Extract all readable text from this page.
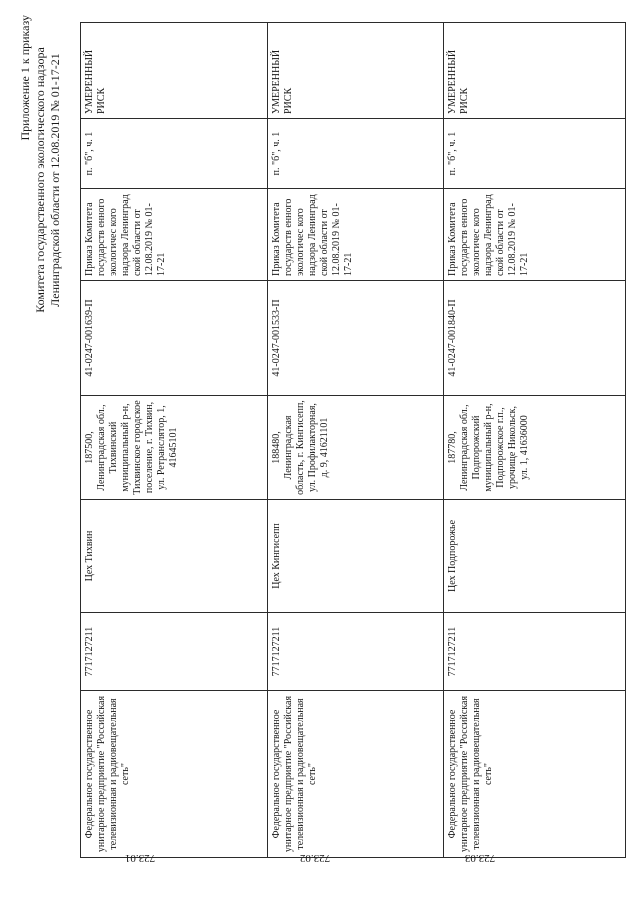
Приложение 1 к приказу Комитета государственного экологического надзора Ленинградской области от 12.08.2019 № 01-17-21
Федеральное государственное унитарное предприятие "Российская телевизионная и радиовещательная сеть"	7717127211	Цех Тихвин	187500, Ленинградская обл., Тихвинский муниципальный р-н, Тихвинское городское поселение, г. Тихвин, ул. Ретранслятор, 1, 41645101	41-0247-001639-П	Приказ Комитета государств енного экологичес кого надзора Ленинград ской области от 12.08.2019 № 01-17-21	п. "б", ч. 1	УМЕРЕННЫЙ РИСК
Федеральное государственное унитарное предприятие "Российская телевизионная и радиовещательная сеть"	7717127211	Цех Кингисепп	188480, Ленинградская область, г. Кингисепп, ул. Профилакторная, д. 9, 41621101	41-0247-001533-П	Приказ Комитета государств енного экологичес кого надзора Ленинград ской области от 12.08.2019 № 01-17-21	п. "б", ч. 1	УМЕРЕННЫЙ РИСК
Федеральное государственное унитарное предприятие "Российская телевизионная и радиовещательная сеть"	7717127211	Цех Подпорожье	187780, Ленинградская обл., Подпорожский муниципальный р-н, Подпорожское г.п., урочище Никольск, ул. 1, 41636000	41-0247-001840-П	Приказ Комитета государств енного экологичес кого надзора Ленинград ской области от 12.08.2019 № 01-17-21	п. "б", ч. 1	УМЕРЕННЫЙ РИСК
723.01	723.02	723.03
